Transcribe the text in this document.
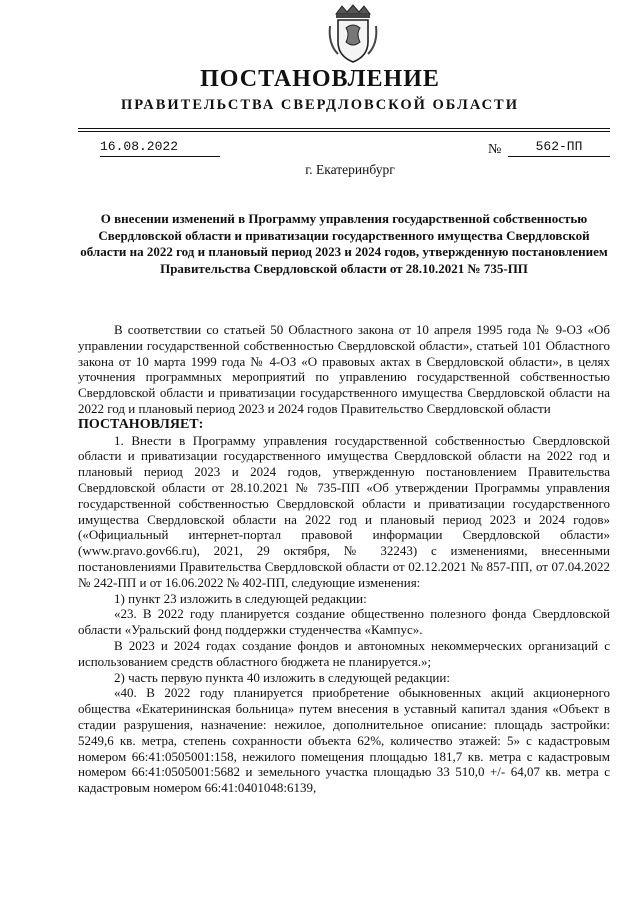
ПОСТАНОВЛЕНИЕ
ПРАВИТЕЛЬСТВА СВЕРДЛОВСКОЙ ОБЛАСТИ
16.08.2022	№	562-ПП
г. Екатеринбург
О внесении изменений в Программу управления государственной собственностью Свердловской области и приватизации государственного имущества Свердловской области на 2022 год и плановый период 2023 и 2024 годов, утвержденную постановлением Правительства Свердловской области от 28.10.2021 № 735-ПП

В соответствии со статьей 50 Областного закона от 10 апреля 1995 года № 9-ОЗ «Об управлении государственной собственностью Свердловской области», статьей 101 Областного закона от 10 марта 1999 года № 4-ОЗ «О правовых актах в Свердловской области», в целях уточнения программных мероприятий по управлению государственной собственностью Свердловской области и приватизации государственного имущества Свердловской области на 2022 год и плановый период 2023 и 2024 годов Правительство Свердловской области

ПОСТАНОВЛЯЕТ:

1. Внести в Программу управления государственной собственностью Свердловской области и приватизации государственного имущества Свердловской области на 2022 год и плановый период 2023 и 2024 годов, утвержденную постановлением Правительства Свердловской области от 28.10.2021 № 735-ПП «Об утверждении Программы управления государственной собственностью Свердловской области и приватизации государственного имущества Свердловской области на 2022 год и плановый период 2023 и 2024 годов» («Официальный интернет-портал правовой информации Свердловской области» (www.pravo.gov66.ru), 2021, 29 октября, № 32243) с изменениями, внесенными постановлениями Правительства Свердловской области от 02.12.2021 № 857-ПП, от 07.04.2022 № 242-ПП и от 16.06.2022 № 402-ПП, следующие изменения:

1) пункт 23 изложить в следующей редакции:

«23. В 2022 году планируется создание общественно полезного фонда Свердловской области «Уральский фонд поддержки студенчества «Кампус».

В 2023 и 2024 годах создание фондов и автономных некоммерческих организаций с использованием средств областного бюджета не планируется.»;

2) часть первую пункта 40 изложить в следующей редакции:

«40. В 2022 году планируется приобретение обыкновенных акций акционерного общества «Екатерининская больница» путем внесения в уставный капитал здания «Объект в стадии разрушения, назначение: нежилое, дополнительное описание: площадь застройки: 5249,6 кв. метра, степень сохранности объекта 62%, количество этажей: 5» с кадастровым номером 66:41:0505001:158, нежилого помещения площадью 181,7 кв. метра с кадастровым номером 66:41:0505001:5682 и земельного участка площадью 33 510,0 +/- 64,07 кв. метра с кадастровым номером 66:41:0401048:6139,
